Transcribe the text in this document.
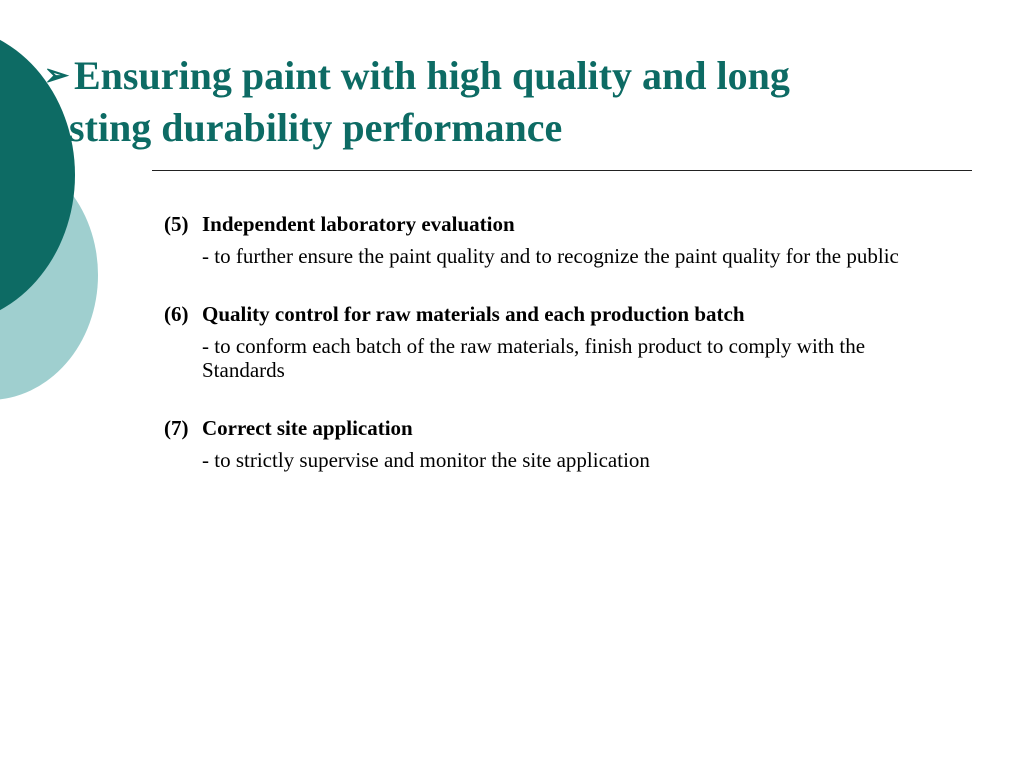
➢ Ensuring paint with high quality and long
sting durability performance
(5) Independent laboratory evaluation
- to further ensure the paint quality and to recognize the paint quality for the public
(6) Quality control for raw materials and each production batch
- to conform each batch of the raw materials, finish product to comply with the
Standards
(7) Correct site application
- to strictly supervise and monitor the site application
